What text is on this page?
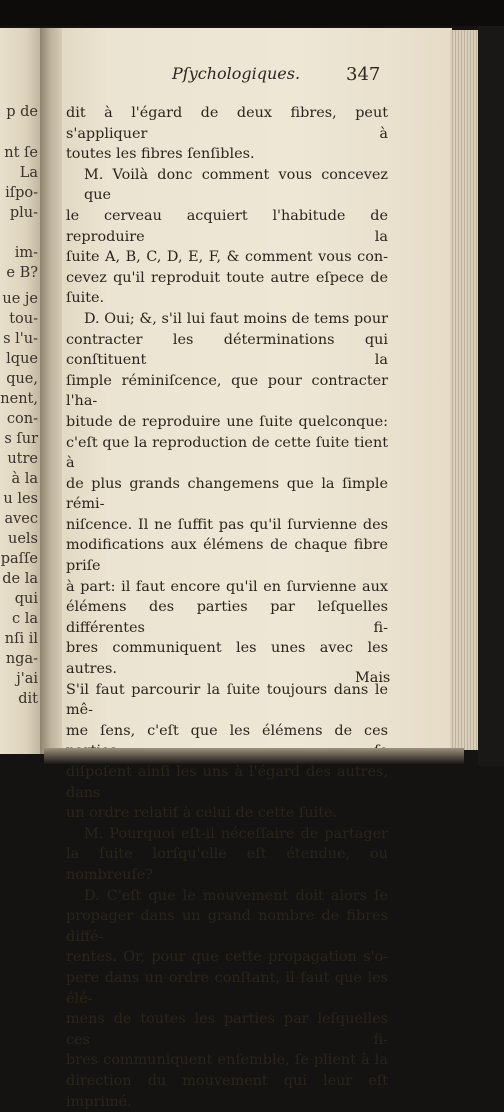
p de
nt ſe
La
iſpo-
plu-
im-
e B?
ue je
tou-
s l'u-
lque
que,
nent,
con-
s ſur
utre
à la
u les
avec
uels
paſſe
de la
qui
c la
nſi il
nga-
j'ai
dit
Pſychologiques.	347
dit à l'égard de deux fibres, peut s'appliquer à
toutes les fibres ſenſibles.
M. Voilà donc comment vous concevez que
le cerveau acquiert l'habitude de reproduire la
ſuite A, B, C, D, E, F, & comment vous con-
cevez qu'il reproduit toute autre eſpece de ſuite.
D. Oui; &, s'il lui faut moins de tems pour
contracter les déterminations qui conſtituent la
ſimple réminiſcence, que pour contracter l'ha-
bitude de reproduire une ſuite quelconque:
c'eſt que la reproduction de cette ſuite tient à
de plus grands changemens que la ſimple rémi-
niſcence. Il ne ſuffit pas qu'il ſurvienne des
modifications aux élémens de chaque fibre priſe
à part: il faut encore qu'il en ſurvienne aux
élémens des parties par leſquelles différentes fi-
bres communiquent les unes avec les autres.
S'il faut parcourir la ſuite toujours dans le mê-
me ſens, c'eſt que les élémens de ces
diſpoſent ainſi les uns à l'égard des autres, dans
un ordre relatif à celui de cette ſuite.
M. Pourquoi eſt-il néceſſaire de partager
la ſuite lorſqu'elle eſt étendue, ou nombreuſe?
D. C'eſt que le mouvement doit alors ſe
propager dans un grand nombre de fibres diffé-
rentes. Or, pour que cette propagation s'o-
pere dans un ordre conſtant, il faut que les élé-
mens de toutes les parties par leſquelles ces fi-
bres communiquent enſemble, ſe plient à la
direction du mouvement qui leur eſt imprimé.
Mais
